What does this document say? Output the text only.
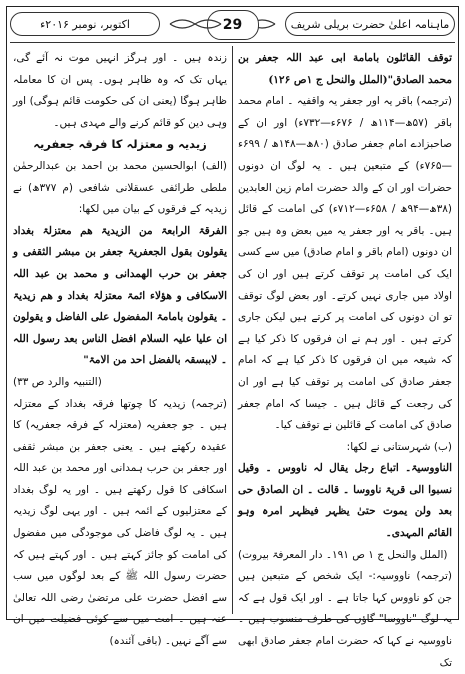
ماہنامہ اعلیٰ حضرت بریلی شریف
29
اکتوبر، نومبر ۲۰۱۶ء

توقف القائلون بامامة ابی عبد اللہ جعفر بن محمد الصادق"(الملل والنحل ج ۱ص ۱۲۶)

(ترجمہ) باقر یہ اور جعفر یہ واقفیہ ۔ امام محمد باقر (۵۷ھ—۱۱۴ھ / ۶۷۶ء—۷۳۲ء) اور ان کے صاحبزادے امام جعفر صادق (۸۰ھ—۱۴۸ھ / ۶۹۹ء—۷۶۵ء) کے متبعین ہیں ۔ یہ لوگ ان دونوں حضرات اور ان کے والد حضرت امام زین العابدین (۳۸ھ—۹۴ھ / ۶۵۸ء—۷۱۲ء) کی امامت کے قائل ہیں۔ باقر یہ اور جعفر یہ میں بعض وہ ہیں جو ان دونوں (امام باقر و امام صادق) میں سے کسی ایک کی امامت پر توقف کرتے ہیں اور ان کی اولاد میں جاری نہیں کرتے۔ اور بعض لوگ توقف تو ان دونوں کی امامت پر کرتے ہیں لیکن جاری کرتے ہیں ۔ اور ہم نے ان فرقوں کا ذکر کیا ہے کہ شیعہ میں ان فرقوں کا ذکر کیا ہے کہ امام جعفر صادق کی امامت پر توقف کیا ہے اور ان کی رجعت کے قائل ہیں ۔ جیسا کہ امام جعفر صادق کی امامت کے قائلین نے توقف کیا۔

(ب) شہرستانی نے لکھا:

الناووسیۃ۔ اتباع رجل یقال لہ ناووس ۔ وقیل نسبوا الی قریۃ ناووسا ۔ قالت ۔ ان الصادق حی بعد ولن یموت حتیٰ یظہر فیظہر امرہ وہو القائم المہدی۔

(الملل والنحل ج ۱ ص ۱۹۱۔ دار المعرفۃ بیروت)

(ترجمہ) ناووسیہ:- ایک شخص کے متبعین ہیں جن کو ناووس کہا جاتا ہے ۔ اور ایک قول ہے کہ یہ لوگ "ناووسا" گاؤں کی طرف منسوب ہیں ۔ ناووسیہ نے کہا کہ حضرت امام جعفر صادق ابھی تک

زندہ ہیں ۔ اور ہرگز انہیں موت نہ آئے گی، یہاں تک کہ وہ ظاہر ہوں۔ پس ان کا معاملہ ظاہر ہوگا (یعنی ان کی حکومت قائم ہوگی) اور وہی دین کو قائم کرنے والے مہدی ہیں۔

زیدیہ و معتزلہ کا فرقہ جعفریہ

(الف) ابوالحسین محمد بن احمد بن عبدالرحمٰن ملطی طرائفی عسقلانی شافعی (م ۳۷۷ھ) نے زیدیہ کے فرقوں کے بیان میں لکھا:

الفرقۃ الرابعۃ من الزیدیۃ ھم معتزلۃ بغداد یقولون بقول الجعفریۃ جعفر بن مبشر الثقفی و جعفر بن حرب الھمدانی و محمد بن عبد اللہ الاسکافی و ھؤلاء ائمۃ معتزلۃ بغداد و ھم زیدیۃ ۔ یقولون بامامۃ المفضول علی الفاضل و یقولون ان علیا علیہ السلام افضل الناس بعد رسول اللہ ۔ لاببسقہ بالفضل احد من الامۃ"

(التنبیہ والرد ص ۳۳)

(ترجمہ) زیدیہ کا چوتھا فرقہ بغداد کے معتزلہ ہیں ۔ جو جعفریہ (معتزلہ کے فرقہ جعفریہ) کا عقیدہ رکھتے ہیں ۔ یعنی جعفر بن مبشر ثقفی اور جعفر بن حرب ہمدانی اور محمد بن عبد اللہ اسکافی کا قول رکھتے ہیں ۔ اور یہ لوگ بغداد کے معتزلیوں کے ائمہ ہیں ۔ اور یہی لوگ زیدیہ ہیں ۔ یہ لوگ فاضل کی موجودگی میں مفضول کی امامت کو جائز کہتے ہیں ۔ اور کہتے ہیں کہ حضرت رسول اللہ ﷺ کے بعد لوگوں میں سب سے افضل حضرت علی مرتضیٰ رضی اللہ تعالیٰ عنہ ہیں ۔ امت میں سے کوئی فضیلت میں ان سے آگے نہیں۔ (باقی آئندہ)
